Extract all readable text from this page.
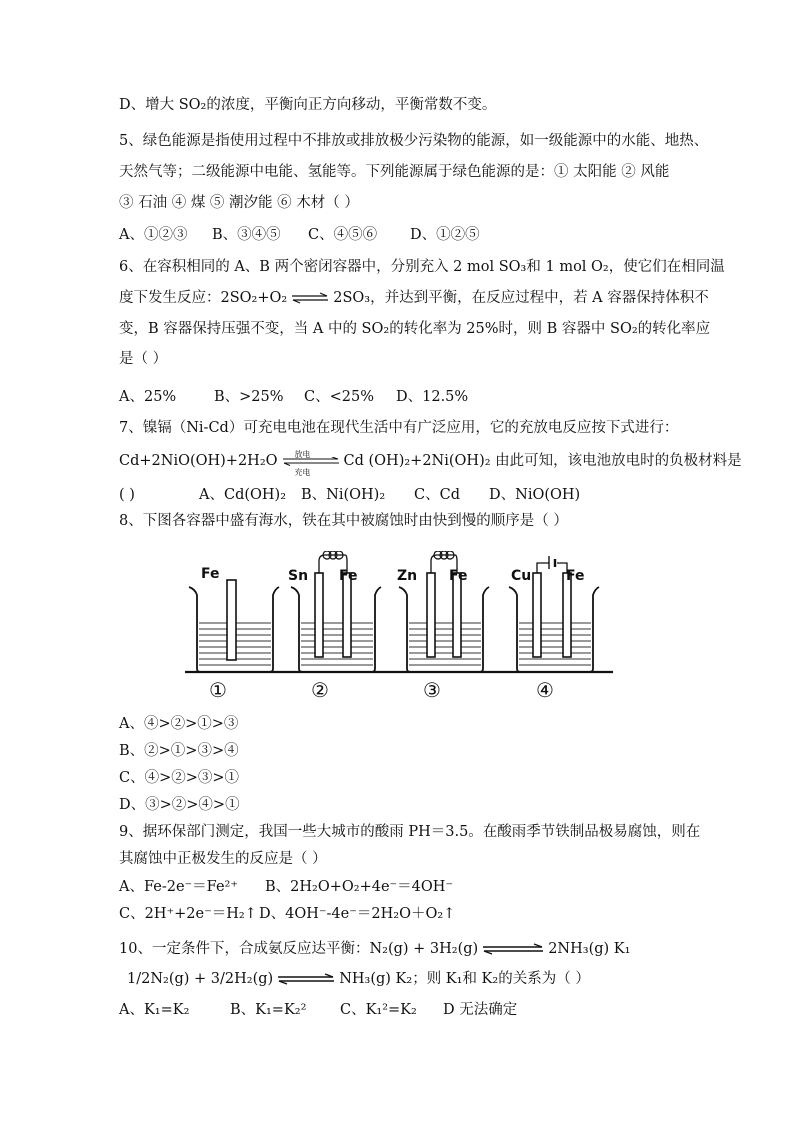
D、增大 SO₂的浓度，平衡向正方向移动，平衡常数不变。
5、绿色能源是指使用过程中不排放或排放极少污染物的能源，如一级能源中的水能、地热、
天然气等；二级能源中电能、氢能等。下列能源属于绿色能源的是：① 太阳能 ② 风能
③ 石油 ④ 煤 ⑤ 潮汐能 ⑥ 木材（ ）
A、①②③ B、③④⑤ C、④⑤⑥ D、①②⑤
6、在容积相同的 A、B 两个密闭容器中，分别充入 2 mol SO₃和 1 mol O₂，使它们在相同温
度下发生反应：2SO₂+O₂ ⇌ 2SO₃，并达到平衡，在反应过程中，若 A 容器保持体积不
变，B 容器保持压强不变，当 A 中的 SO₂的转化率为 25%时，则 B 容器中 SO₂的转化率应
是（ ）
A、25%	B、>25% C、<25% D、12.5%
7、镍镉（Ni-Cd）可充电电池在现代生活中有广泛应用，它的充放电反应按下式进行：
Cd+2NiO(OH)+2H₂O 放电
充电
Cd (OH)₂+2Ni(OH)₂ 由此可知，该电池放电时的负极材料是
( )	A、Cd(OH)₂ B、Ni(OH)₂ C、Cd D、NiO(OH)
8、下图各容器中盛有海水，铁在其中被腐蚀时由快到慢的顺序是（ ）
Fe	Sn Fe	Zn Fe	Cu Fe
①	②	③	④
A、④>②>①>③
B、②>①>③>④
C、④>②>③>①
D、③>②>④>①
9、据环保部门测定，我国一些大城市的酸雨 PH＝3.5。在酸雨季节铁制品极易腐蚀，则在
其腐蚀中正极发生的反应是（ ）
A、Fe-2e⁻＝Fe²⁺ B、2H₂O+O₂+4e⁻＝4OH⁻
C、2H⁺+2e⁻＝H₂↑ D、4OH⁻-4e⁻＝2H₂O＋O₂↑
10、一定条件下，合成氨反应达平衡：N₂(g) + 3H₂(g)	2NH₃(g) K₁
1/2N₂(g) + 3/2H₂(g) ⇌ NH₃(g) K₂；则 K₁和 K₂的关系为（ ）
A、K₁=K₂	B、K₁=K₂² C、K₁²=K₂ D 无法确定
